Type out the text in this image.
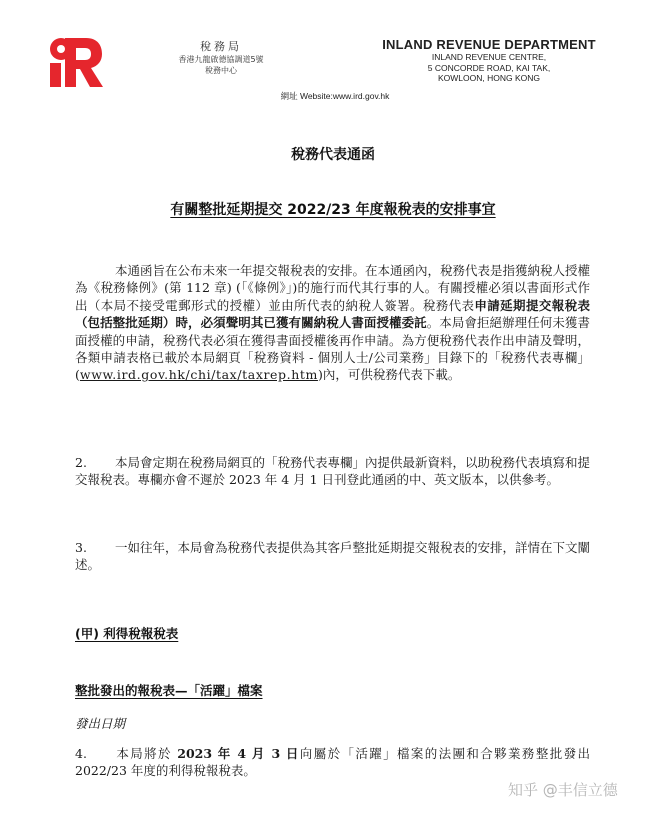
稅務局
香港九龍啟德協調道5號
稅務中心
INLAND REVENUE DEPARTMENT
INLAND REVENUE CENTRE,
5 CONCORDE ROAD, KAI TAK,
KOWLOON, HONG KONG
網址 Website:www.ird.gov.hk
稅務代表通函
有關整批延期提交 2022/23 年度報稅表的安排事宜

本通函旨在公布未來一年提交報稅表的安排。在本通函內，稅務代表是指獲納稅人授權為《稅務條例》(第 112 章) (「《條例》」)的施行而代其行事的人。有關授權必須以書面形式作出（本局不接受電郵形式的授權）並由所代表的納稅人簽署。稅務代表申請延期提交報稅表（包括整批延期）時，必須聲明其已獲有關納稅人書面授權委託。本局會拒絕辦理任何未獲書面授權的申請，稅務代表必須在獲得書面授權後再作申請。為方便稅務代表作出申請及聲明，各類申請表格已載於本局網頁「稅務資料 - 個別人士/公司業務」目錄下的「稅務代表專欄」(www.ird.gov.hk/chi/tax/taxrep.htm)內，可供稅務代表下載。

2. 本局會定期在稅務局網頁的「稅務代表專欄」內提供最新資料，以助稅務代表填寫和提交報稅表。專欄亦會不遲於 2023 年 4 月 1 日刊登此通函的中、英文版本，以供參考。

3. 一如往年，本局會為稅務代表提供為其客戶整批延期提交報稅表的安排，詳情在下文闡述。

(甲) 利得稅報稅表
整批發出的報稅表—「活躍」檔案
發出日期

4. 本局將於 2023 年 4 月 3 日向屬於「活躍」檔案的法團和合夥業務整批發出 2022/23 年度的利得稅報稅表。

知乎 @丰信立德
